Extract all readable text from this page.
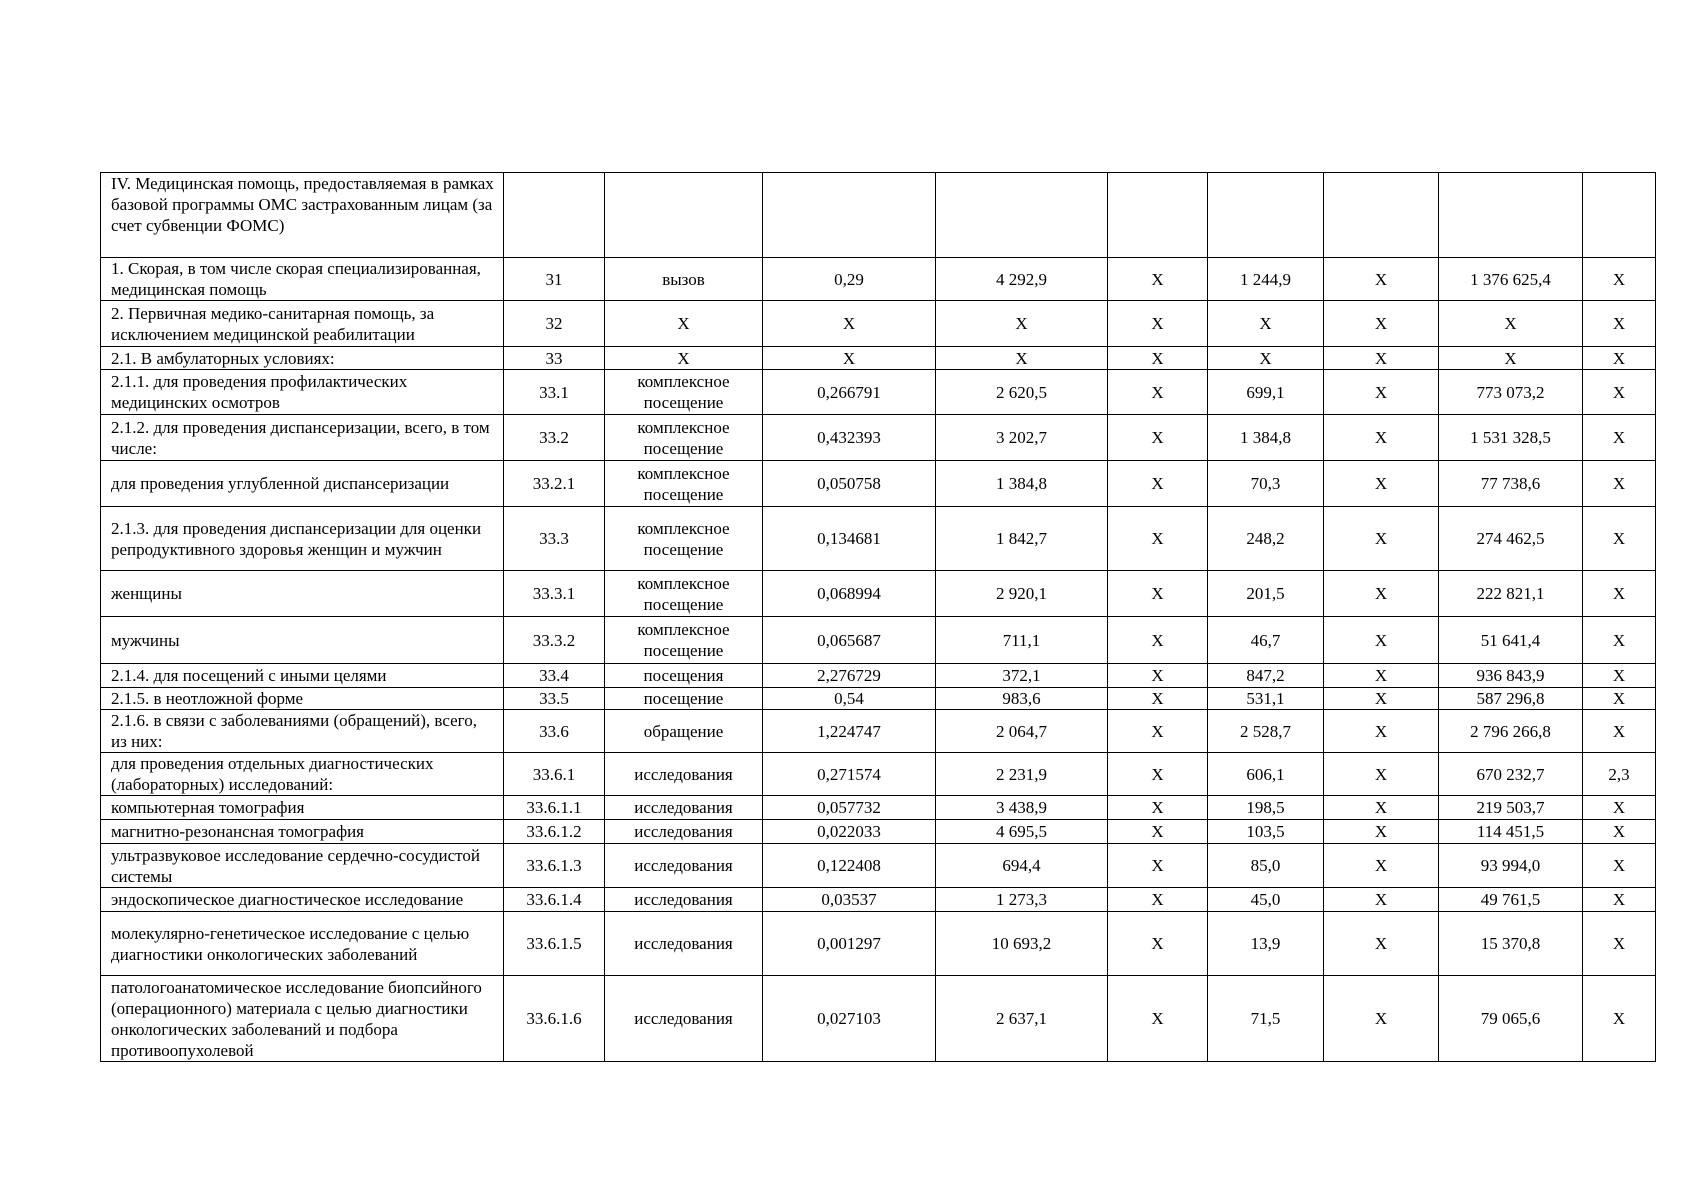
IV. Медицинская помощь, предоставляемая в рамках базовой программы ОМС застрахованным лицам (за счет субвенции ФОМС)									
1. Скорая, в том числе скорая специализированная, медицинская помощь	31	вызов	0,29	4 292,9	X	1 244,9	X	1 376 625,4	X
2. Первичная медико-санитарная помощь, за исключением медицинской реабилитации	32	X	X	X	X	X	X	X	X
2.1. В амбулаторных условиях:	33	X	X	X	X	X	X	X	X
2.1.1. для проведения профилактических медицинских осмотров	33.1	комплексное посещение	0,266791	2 620,5	X	699,1	X	773 073,2	X
2.1.2. для проведения диспансеризации, всего, в том числе:	33.2	комплексное посещение	0,432393	3 202,7	X	1 384,8	X	1 531 328,5	X
для проведения углубленной диспансеризации	33.2.1	комплексное посещение	0,050758	1 384,8	X	70,3	X	77 738,6	X
2.1.3. для проведения диспансеризации для оценки репродуктивного здоровья женщин и мужчин	33.3	комплексное посещение	0,134681	1 842,7	X	248,2	X	274 462,5	X
женщины	33.3.1	комплексное посещение	0,068994	2 920,1	X	201,5	X	222 821,1	X
мужчины	33.3.2	комплексное посещение	0,065687	711,1	X	46,7	X	51 641,4	X
2.1.4. для посещений с иными целями	33.4	посещения	2,276729	372,1	X	847,2	X	936 843,9	X
2.1.5. в неотложной форме	33.5	посещение	0,54	983,6	X	531,1	X	587 296,8	X
2.1.6. в связи с заболеваниями (обращений), всего, из них:	33.6	обращение	1,224747	2 064,7	X	2 528,7	X	2 796 266,8	X
для проведения отдельных диагностических (лабораторных) исследований:	33.6.1	исследования	0,271574	2 231,9	X	606,1	X	670 232,7	2,3
компьютерная томография	33.6.1.1	исследования	0,057732	3 438,9	X	198,5	X	219 503,7	X
магнитно-резонансная томография	33.6.1.2	исследования	0,022033	4 695,5	X	103,5	X	114 451,5	X
ультразвуковое исследование сердечно-сосудистой системы	33.6.1.3	исследования	0,122408	694,4	X	85,0	X	93 994,0	X
эндоскопическое диагностическое исследование	33.6.1.4	исследования	0,03537	1 273,3	X	45,0	X	49 761,5	X
молекулярно-генетическое исследование с целью диагностики онкологических заболеваний	33.6.1.5	исследования	0,001297	10 693,2	X	13,9	X	15 370,8	X
патологоанатомическое исследование биопсийного (операционного) материала с целью диагностики онкологических заболеваний и подбора противоопухолевой	33.6.1.6	исследования	0,027103	2 637,1	X	71,5	X	79 065,6	X
